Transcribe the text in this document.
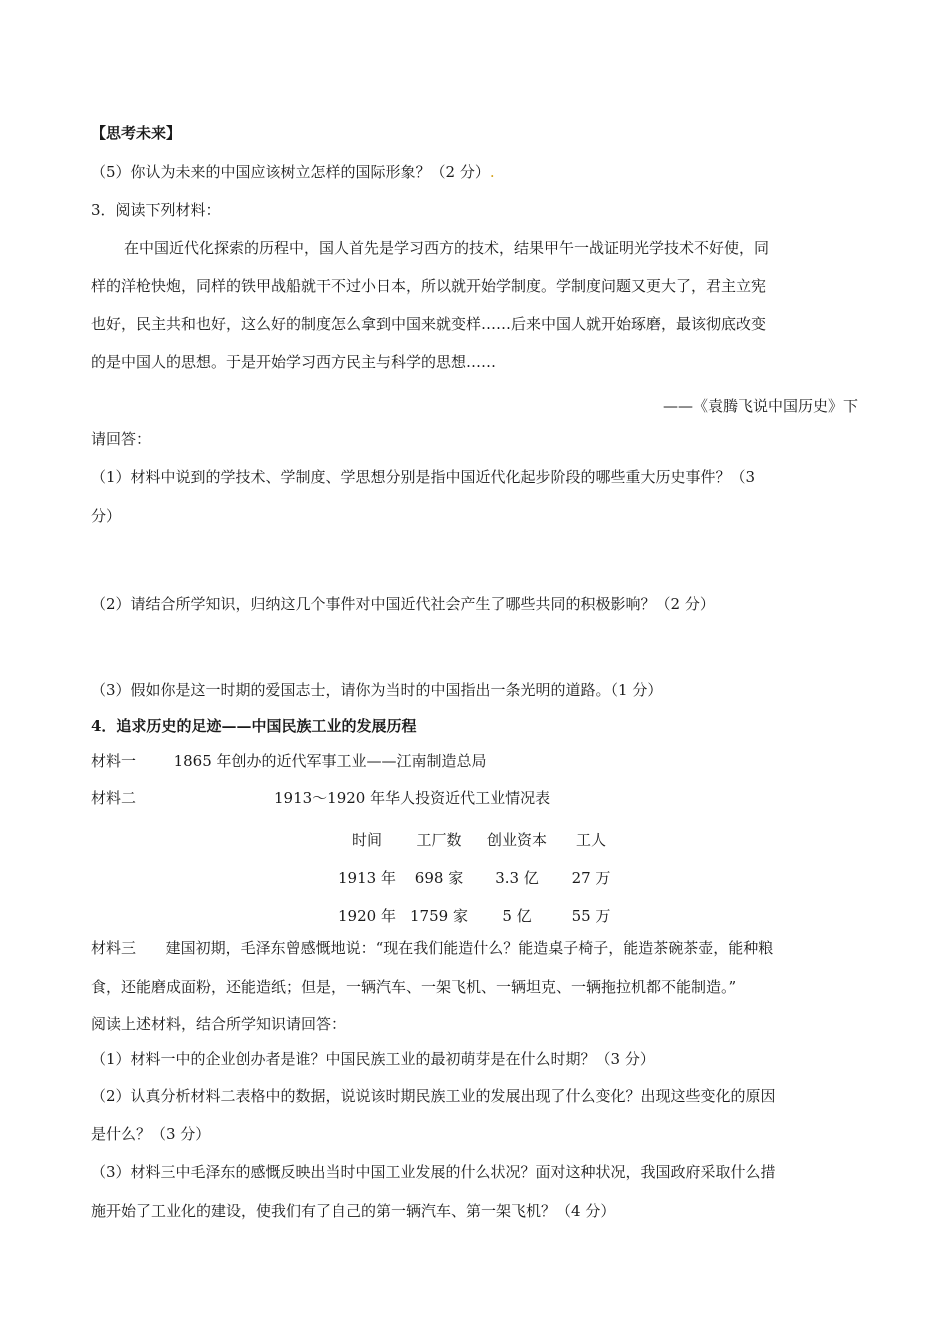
【思考未来】
（5）你认为未来的中国应该树立怎样的国际形象？（2 分）.
3．阅读下列材料：
在中国近代化探索的历程中，国人首先是学习西方的技术，结果甲午一战证明光学技术不好使，同
样的洋枪快炮，同样的铁甲战船就干不过小日本，所以就开始学制度。学制度问题又更大了，君主立宪
也好，民主共和也好，这么好的制度怎么拿到中国来就变样……后来中国人就开始琢磨，最该彻底改变
的是中国人的思想。于是开始学习西方民主与科学的思想……
——《袁腾飞说中国历史》下
请回答：
（1）材料中说到的学技术、学制度、学思想分别是指中国近代化起步阶段的哪些重大历史事件？（3
分）
（2）请结合所学知识，归纳这几个事件对中国近代社会产生了哪些共同的积极影响？（2 分）
（3）假如你是这一时期的爱国志士，请你为当时的中国指出一条光明的道路。（1 分）
4．追求历史的足迹——中国民族工业的发展历程
材料一	1865 年创办的近代军事工业——江南制造总局
材料二	1913～1920 年华人投资近代工业情况表
时间	工厂数	创业资本	工人
1913 年	698 家	3.3 亿	27 万
1920 年	1759 家	5 亿	55 万
材料三 建国初期，毛泽东曾感慨地说：“现在我们能造什么？能造桌子椅子，能造茶碗茶壶，能种粮
食，还能磨成面粉，还能造纸；但是，一辆汽车、一架飞机、一辆坦克、一辆拖拉机都不能制造。”
阅读上述材料，结合所学知识请回答：
（1）材料一中的企业创办者是谁？中国民族工业的最初萌芽是在什么时期？（3 分）
（2）认真分析材料二表格中的数据，说说该时期民族工业的发展出现了什么变化？出现这些变化的原因
是什么？（3 分）
（3）材料三中毛泽东的感慨反映出当时中国工业发展的什么状况？面对这种状况，我国政府采取什么措
施开始了工业化的建设，使我们有了自己的第一辆汽车、第一架飞机？（4 分）
